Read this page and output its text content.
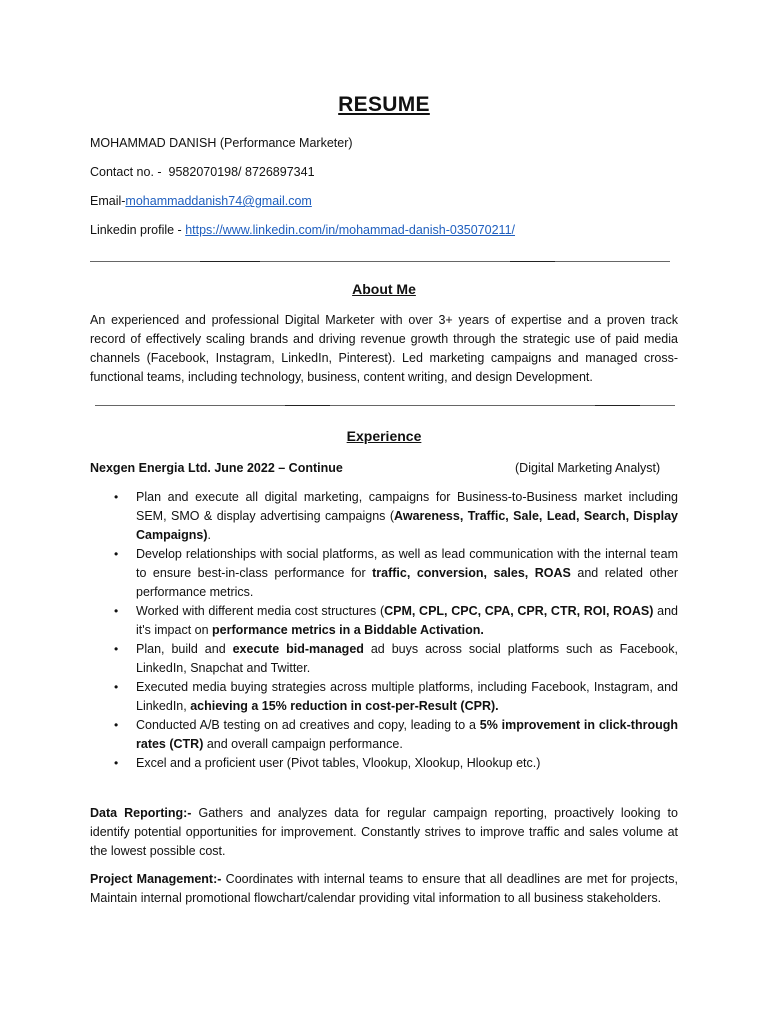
RESUME
MOHAMMAD DANISH (Performance Marketer)
Contact no. - 9582070198/ 8726897341
Email-mohammaddanish74@gmail.com
Linkedin profile - https://www.linkedin.com/in/mohammad-danish-035070211/
About Me
An experienced and professional Digital Marketer with over 3+ years of expertise and a proven track record of effectively scaling brands and driving revenue growth through the strategic use of paid media channels (Facebook, Instagram, LinkedIn, Pinterest). Led marketing campaigns and managed cross-functional teams, including technology, business, content writing, and design Development.
Experience
Nexgen Energia Ltd. June 2022 – Continue	(Digital Marketing Analyst)
• Plan and execute all digital marketing, campaigns for Business-to-Business market including SEM, SMO & display advertising campaigns (Awareness, Traffic, Sale, Lead, Search, Display Campaigns).
• Develop relationships with social platforms, as well as lead communication with the internal team to ensure best-in-class performance for traffic, conversion, sales, ROAS and related other performance metrics.
• Worked with different media cost structures (CPM, CPL, CPC, CPA, CPR, CTR, ROI, ROAS) and it's impact on performance metrics in a Biddable Activation.
• Plan, build and execute bid-managed ad buys across social platforms such as Facebook, LinkedIn, Snapchat and Twitter.
• Executed media buying strategies across multiple platforms, including Facebook, Instagram, and LinkedIn, achieving a 15% reduction in cost-per-Result (CPR).
• Conducted A/B testing on ad creatives and copy, leading to a 5% improvement in click-through rates (CTR) and overall campaign performance.
• Excel and a proficient user (Pivot tables, Vlookup, Xlookup, Hlookup etc.)
Data Reporting:- Gathers and analyzes data for regular campaign reporting, proactively looking to identify potential opportunities for improvement. Constantly strives to improve traffic and sales volume at the lowest possible cost.
Project Management:- Coordinates with internal teams to ensure that all deadlines are met for projects, Maintain internal promotional flowchart/calendar providing vital information to all business stakeholders.
